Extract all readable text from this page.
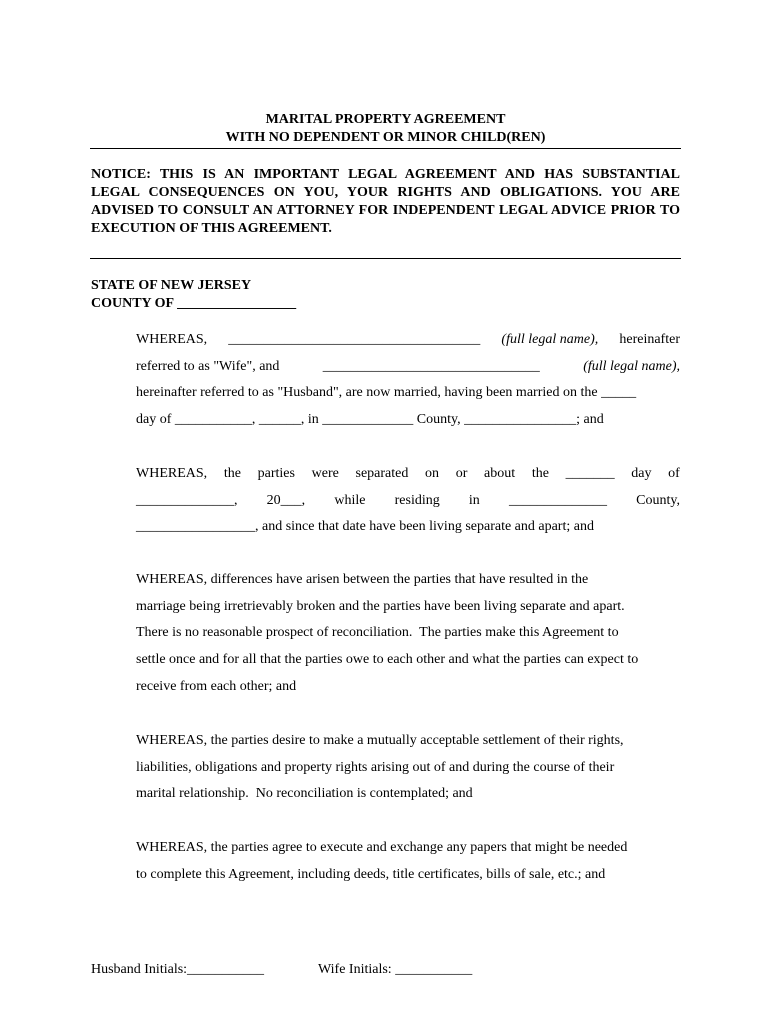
MARITAL PROPERTY AGREEMENT
WITH NO DEPENDENT OR MINOR CHILD(REN)
NOTICE: THIS IS AN IMPORTANT LEGAL AGREEMENT AND HAS SUBSTANTIAL LEGAL CONSEQUENCES ON YOU, YOUR RIGHTS AND OBLIGATIONS. YOU ARE ADVISED TO CONSULT AN ATTORNEY FOR INDEPENDENT LEGAL ADVICE PRIOR TO EXECUTION OF THIS AGREEMENT.
STATE OF NEW JERSEY
COUNTY OF _________________
WHEREAS, ____________________________________ (full legal name), hereinafter
referred to as "Wife", and	_______________________________	(full legal name),
hereinafter referred to as "Husband", are now married, having been married on the _____
day of ___________, ______, in _____________ County, ________________; and
WHEREAS, the parties were separated on or about the _______ day of
______________, 20___, while residing in ______________ County,
_________________, and since that date have been living separate and apart; and
WHEREAS, differences have arisen between the parties that have resulted in the
marriage being irretrievably broken and the parties have been living separate and apart.
There is no reasonable prospect of reconciliation.  The parties make this Agreement to
settle once and for all that the parties owe to each other and what the parties can expect to
receive from each other; and
WHEREAS, the parties desire to make a mutually acceptable settlement of their rights,
liabilities, obligations and property rights arising out of and during the course of their
marital relationship.  No reconciliation is contemplated; and
WHEREAS, the parties agree to execute and exchange any papers that might be needed
to complete this Agreement, including deeds, title certificates, bills of sale, etc.; and
Husband Initials:___________	Wife Initials: ___________
